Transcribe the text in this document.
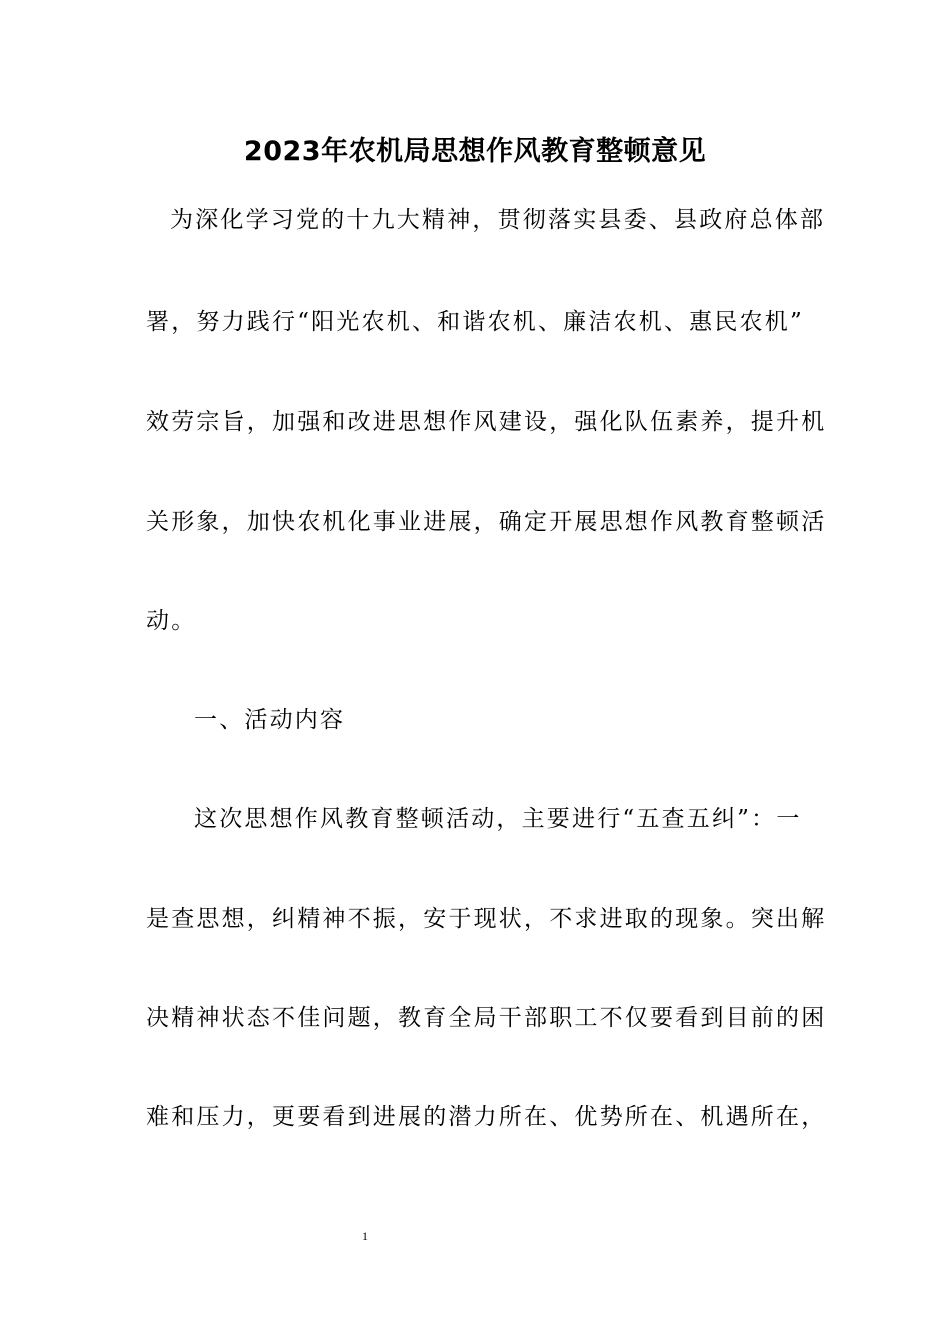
2023年农机局思想作风教育整顿意见
为深化学习党的十九大精神，贯彻落实县委、县政府总体部
署，努力践行“阳光农机、和谐农机、廉洁农机、惠民农机”
效劳宗旨，加强和改进思想作风建设，强化队伍素养，提升机
关形象，加快农机化事业进展，确定开展思想作风教育整顿活
动。
一、活动内容
这次思想作风教育整顿活动，主要进行“五查五纠”：一
是查思想，纠精神不振，安于现状，不求进取的现象。突出解
决精神状态不佳问题，教育全局干部职工不仅要看到目前的困
难和压力，更要看到进展的潜力所在、优势所在、机遇所在，
1
